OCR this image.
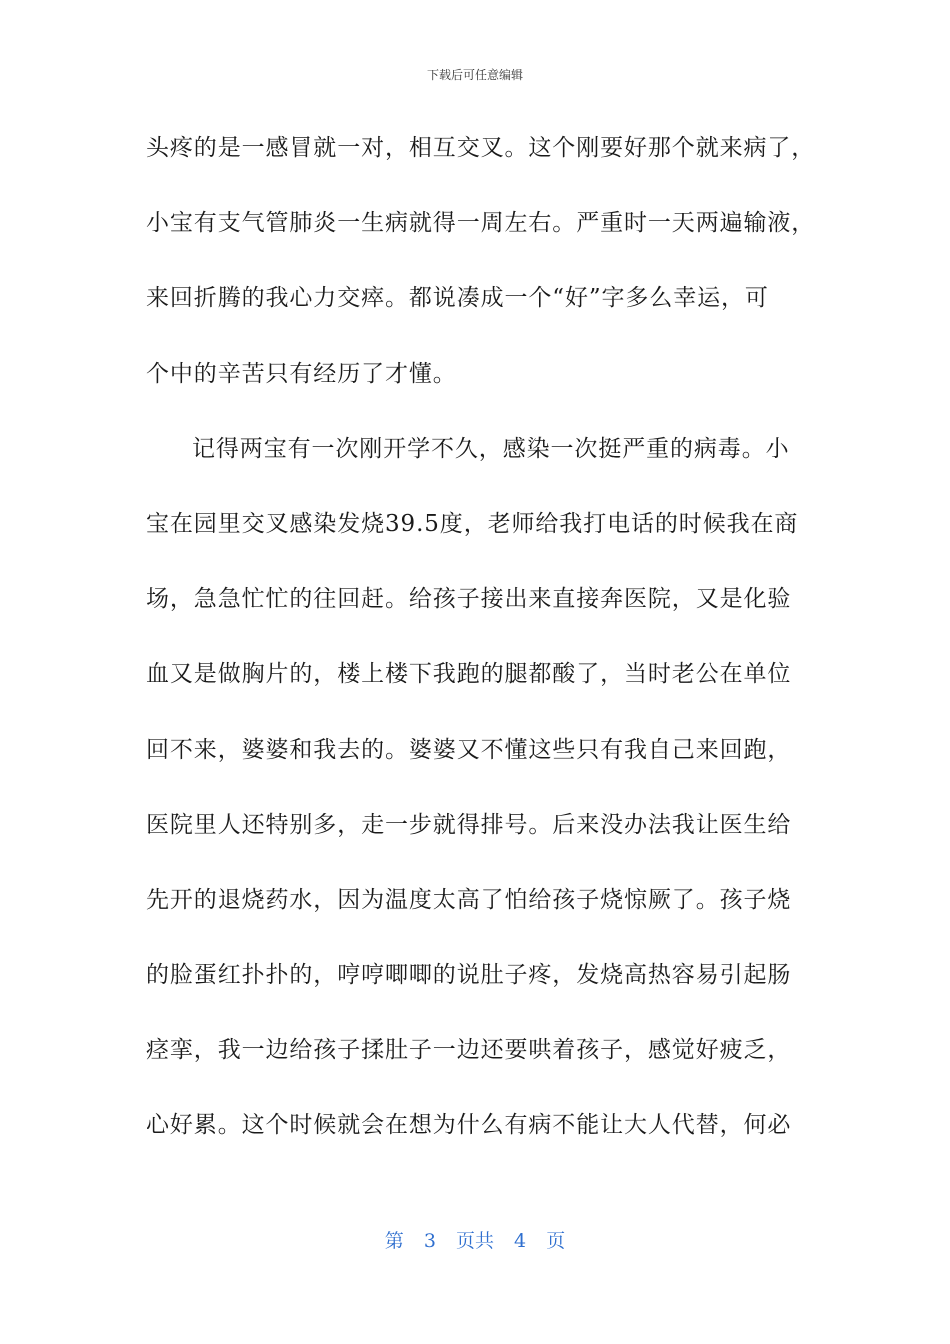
下载后可任意编辑
头疼的是一感冒就一对，相互交叉。这个刚要好那个就来病了，
小宝有支气管肺炎一生病就得一周左右。严重时一天两遍输液，
来回折腾的我心力交瘁。都说凑成一个“好”字多么幸运，可
个中的辛苦只有经历了才懂。
记得两宝有一次刚开学不久，感染一次挺严重的病毒。小
宝在园里交叉感染发烧39.5度，老师给我打电话的时候我在商
场，急急忙忙的往回赶。给孩子接出来直接奔医院，又是化验
血又是做胸片的，楼上楼下我跑的腿都酸了，当时老公在单位
回不来，婆婆和我去的。婆婆又不懂这些只有我自己来回跑，
医院里人还特别多，走一步就得排号。后来没办法我让医生给
先开的退烧药水，因为温度太高了怕给孩子烧惊厥了。孩子烧
的脸蛋红扑扑的，哼哼唧唧的说肚子疼，发烧高热容易引起肠
痉挛，我一边给孩子揉肚子一边还要哄着孩子，感觉好疲乏，
心好累。这个时候就会在想为什么有病不能让大人代替，何必
第 3 页共 4 页
